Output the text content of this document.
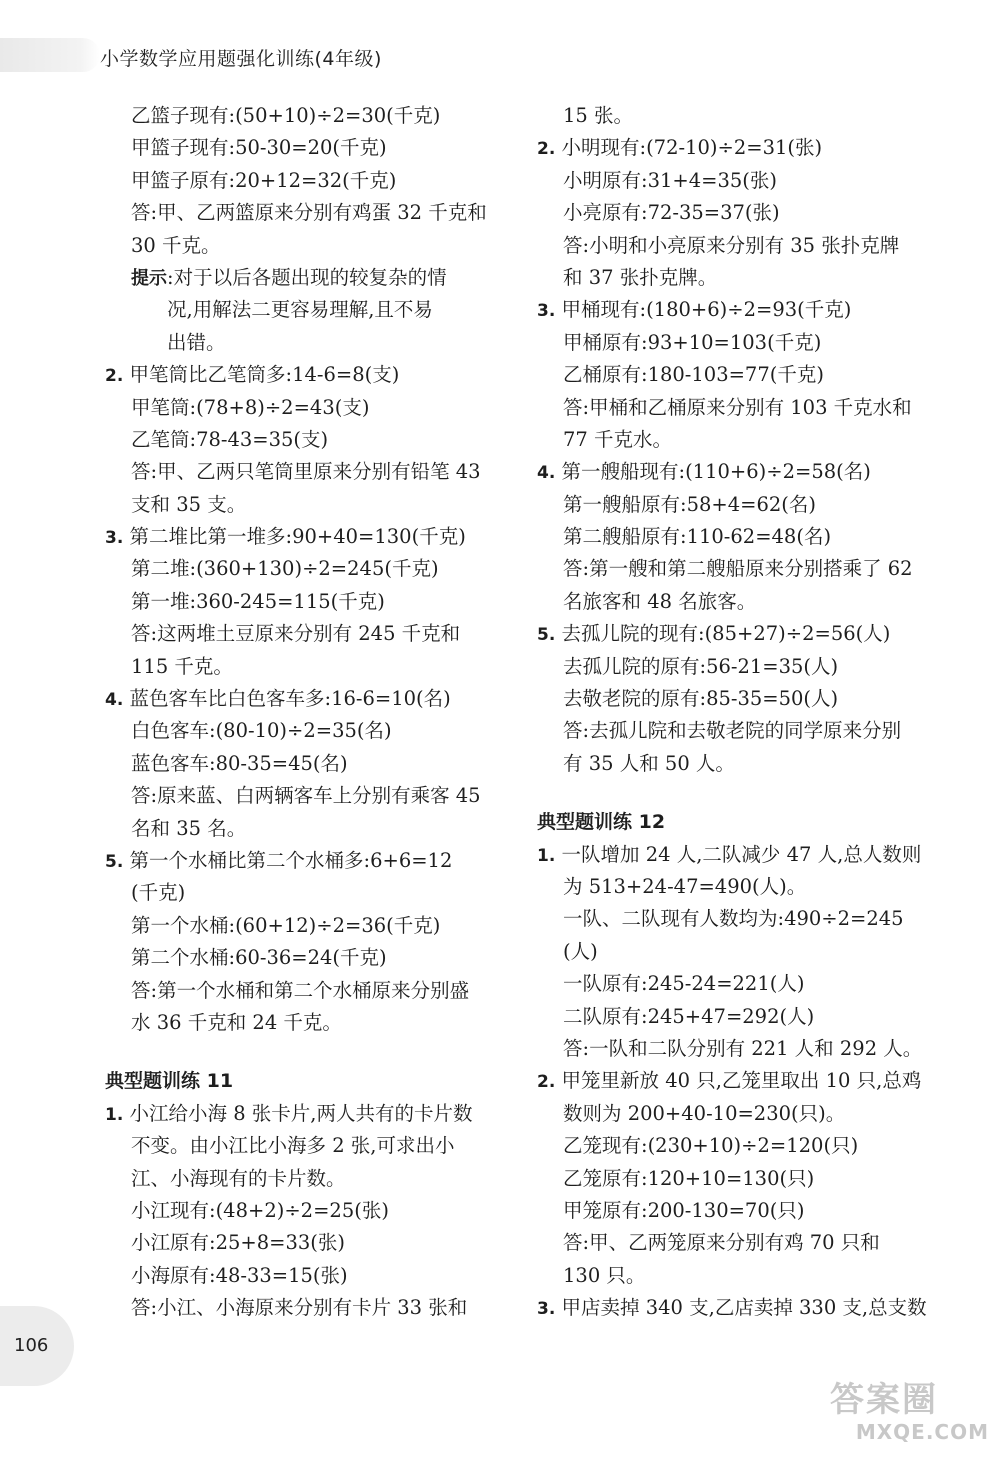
小学数学应用题强化训练(4年级)
乙篮子现有:(50+10)÷2=30(千克)
甲篮子现有:50-30=20(千克)
甲篮子原有:20+12=32(千克)
答:甲、乙两篮原来分别有鸡蛋 32 千克和
30 千克。
提示:对于以后各题出现的较复杂的情
况,用解法二更容易理解,且不易
出错。
2. 甲笔筒比乙笔筒多:14-6=8(支)
甲笔筒:(78+8)÷2=43(支)
乙笔筒:78-43=35(支)
答:甲、乙两只笔筒里原来分别有铅笔 43
支和 35 支。
3. 第二堆比第一堆多:90+40=130(千克)
第二堆:(360+130)÷2=245(千克)
第一堆:360-245=115(千克)
答:这两堆土豆原来分别有 245 千克和
115 千克。
4. 蓝色客车比白色客车多:16-6=10(名)
白色客车:(80-10)÷2=35(名)
蓝色客车:80-35=45(名)
答:原来蓝、白两辆客车上分别有乘客 45
名和 35 名。
5. 第一个水桶比第二个水桶多:6+6=12
(千克)
第一个水桶:(60+12)÷2=36(千克)
第二个水桶:60-36=24(千克)
答:第一个水桶和第二个水桶原来分别盛
水 36 千克和 24 千克。
典型题训练 11
1. 小江给小海 8 张卡片,两人共有的卡片数
不变。由小江比小海多 2 张,可求出小
江、小海现有的卡片数。
小江现有:(48+2)÷2=25(张)
小江原有:25+8=33(张)
小海原有:48-33=15(张)
答:小江、小海原来分别有卡片 33 张和
15 张。
2. 小明现有:(72-10)÷2=31(张)
小明原有:31+4=35(张)
小亮原有:72-35=37(张)
答:小明和小亮原来分别有 35 张扑克牌
和 37 张扑克牌。
3. 甲桶现有:(180+6)÷2=93(千克)
甲桶原有:93+10=103(千克)
乙桶原有:180-103=77(千克)
答:甲桶和乙桶原来分别有 103 千克水和
77 千克水。
4. 第一艘船现有:(110+6)÷2=58(名)
第一艘船原有:58+4=62(名)
第二艘船原有:110-62=48(名)
答:第一艘和第二艘船原来分别搭乘了 62
名旅客和 48 名旅客。
5. 去孤儿院的现有:(85+27)÷2=56(人)
去孤儿院的原有:56-21=35(人)
去敬老院的原有:85-35=50(人)
答:去孤儿院和去敬老院的同学原来分别
有 35 人和 50 人。
典型题训练 12
1. 一队增加 24 人,二队减少 47 人,总人数则
为 513+24-47=490(人)。
一队、二队现有人数均为:490÷2=245
(人)
一队原有:245-24=221(人)
二队原有:245+47=292(人)
答:一队和二队分别有 221 人和 292 人。
2. 甲笼里新放 40 只,乙笼里取出 10 只,总鸡
数则为 200+40-10=230(只)。
乙笼现有:(230+10)÷2=120(只)
乙笼原有:120+10=130(只)
甲笼原有:200-130=70(只)
答:甲、乙两笼原来分别有鸡 70 只和
130 只。
3. 甲店卖掉 340 支,乙店卖掉 330 支,总支数
106
答案圈
MXQE.COM
